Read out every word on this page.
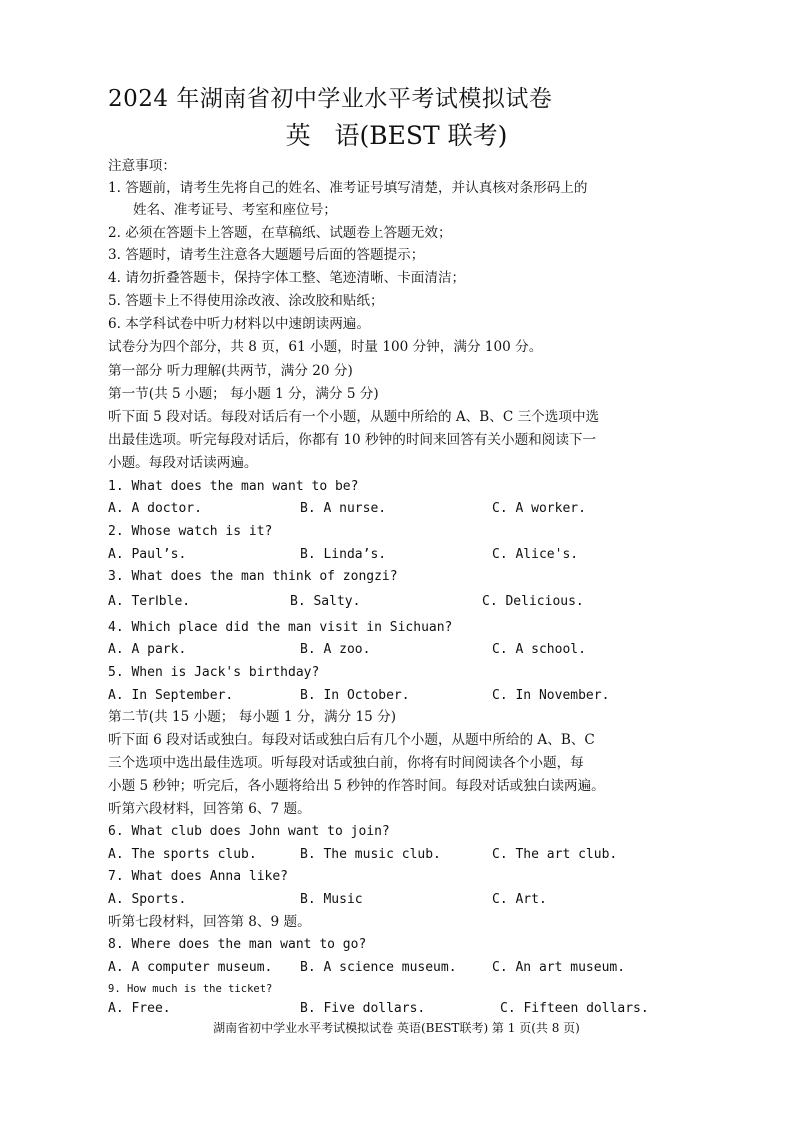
2024 年湖南省初中学业水平考试模拟试卷
英   语(BEST 联考)
注意事项：
1. 答题前，请考生先将自己的姓名、准考证号填写清楚，并认真核对条形码上的
姓名、准考证号、考室和座位号；
2. 必须在答题卡上答题，在草稿纸、试题卷上答题无效；
3. 答题时，请考生注意各大题题号后面的答题提示；
4. 请勿折叠答题卡，保持字体工整、笔迹清晰、卡面清洁；
5. 答题卡上不得使用涂改液、涂改胶和贴纸；
6. 本学科试卷中听力材料以中速朗读两遍。
试卷分为四个部分，共 8 页，61 小题，时量 100 分钟，满分 100 分。
第一部分 听力理解(共两节，满分 20 分)
第一节(共 5 小题； 每小题 1 分，满分 5 分)
听下面 5 段对话。每段对话后有一个小题，从题中所给的 A、B、C 三个选项中选
出最佳选项。听完每段对话后，你都有 10 秒钟的时间来回答有关小题和阅读下一
小题。每段对话读两遍。
1. What does the man want to be?
A. A doctor.	B. A nurse.	C. A worker.
2. Whose watch is it?
A. Paul’s.	B. Linda’s.	C. Alice's.
3. What does the man think of zongzi?
A. TerⅠble.	B. Salty.	C. Delicious.
4. Which place did the man visit in Sichuan?
A. A park.	B. A zoo.	C. A school.
5. When is Jack's birthday?
A. In September.	B. In October.	C. In November.
第二节(共 15 小题； 每小题 1 分，满分 15 分)
听下面 6 段对话或独白。每段对话或独白后有几个小题，从题中所给的 A、B、C
三个选项中选出最佳选项。听每段对话或独白前，你将有时间阅读各个小题，每
小题 5 秒钟；听完后，各小题将给出 5 秒钟的作答时间。每段对话或独白读两遍。
听第六段材料，回答第 6、7 题。
6. What club does John want to join?
A. The sports club.	B. The music club.	C. The art club.
7. What does Anna like?
A. Sports.	B. Music	C. Art.
听第七段材料，回答第 8、9 题。
8. Where does the man want to go?
A. A computer museum. B. A science museum.	C. An art museum.
9. How much is the ticket?
A. Free.	B. Five dollars.	C. Fifteen dollars.
湖南省初中学业水平考试模拟试卷 英语(BEST联考) 第 1 页(共 8 页)
